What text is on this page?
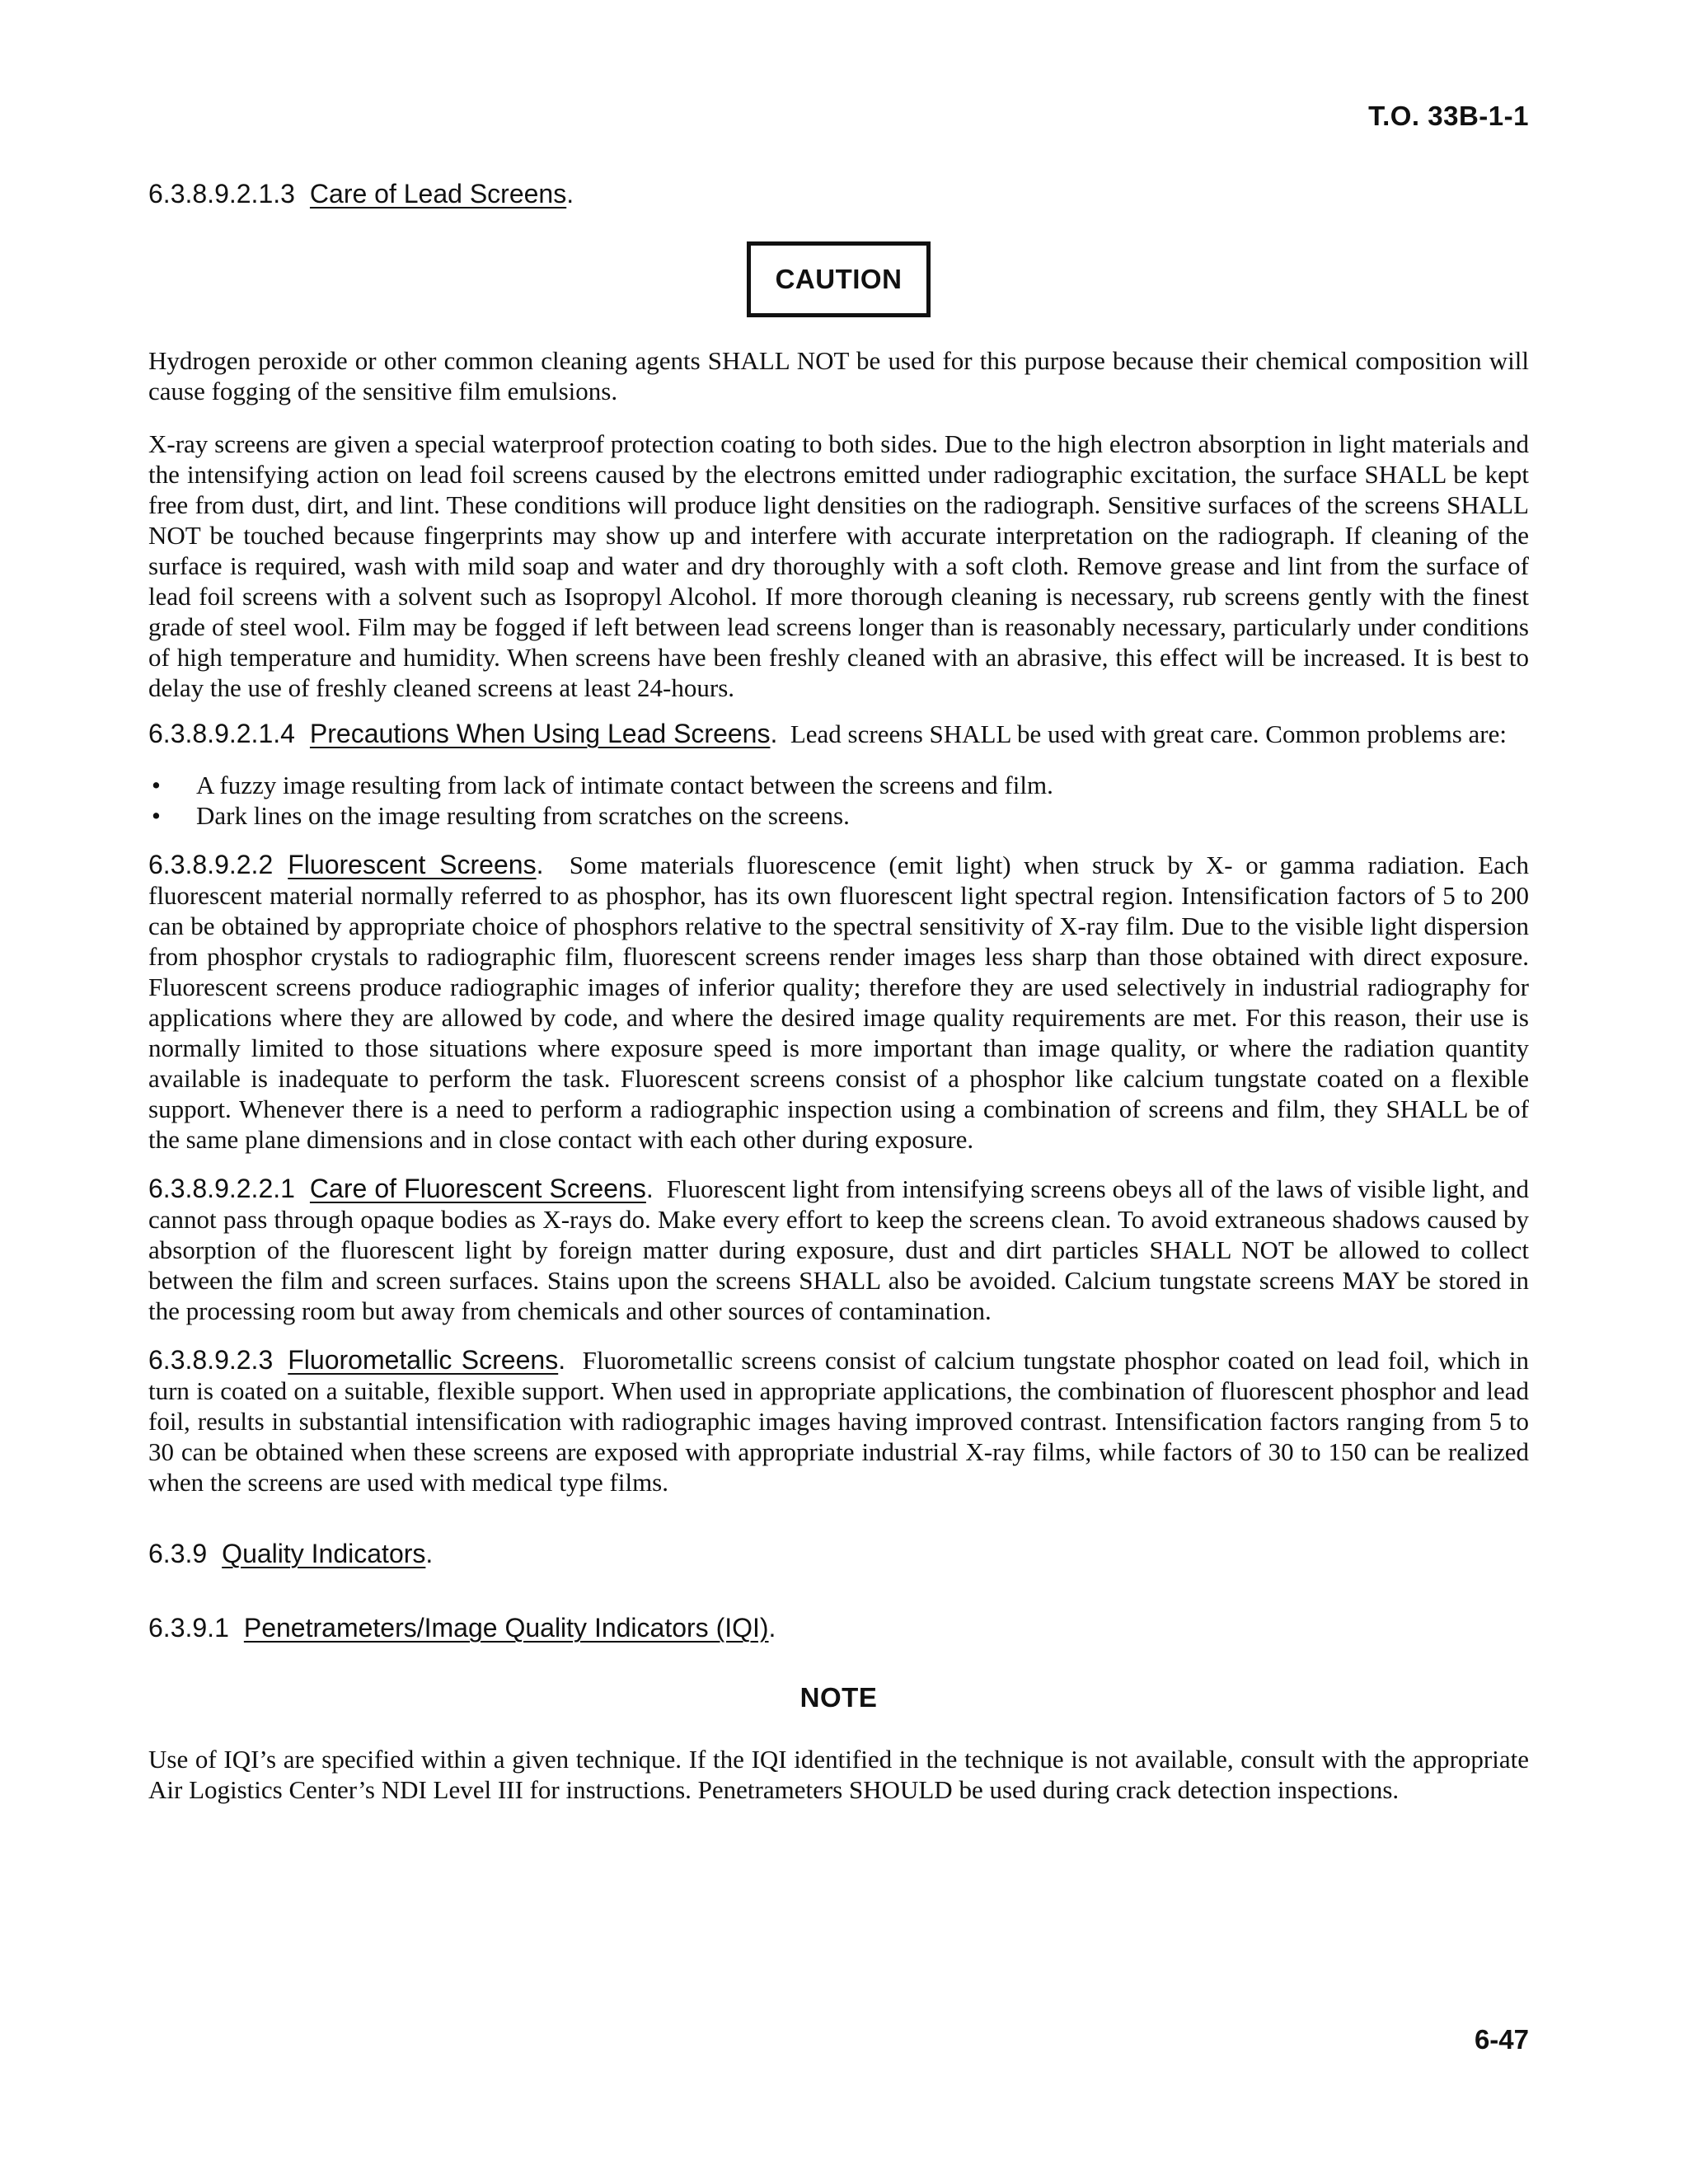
T.O. 33B-1-1

6.3.8.9.2.1.3 Care of Lead Screens.

CAUTION

Hydrogen peroxide or other common cleaning agents SHALL NOT be used for this purpose because their chemical composition will cause fogging of the sensitive film emulsions.

X-ray screens are given a special waterproof protection coating to both sides. Due to the high electron absorption in light materials and the intensifying action on lead foil screens caused by the electrons emitted under radiographic excitation, the surface SHALL be kept free from dust, dirt, and lint. These conditions will produce light densities on the radiograph. Sensitive surfaces of the screens SHALL NOT be touched because fingerprints may show up and interfere with accurate interpretation on the radiograph. If cleaning of the surface is required, wash with mild soap and water and dry thoroughly with a soft cloth. Remove grease and lint from the surface of lead foil screens with a solvent such as Isopropyl Alcohol. If more thorough cleaning is necessary, rub screens gently with the finest grade of steel wool. Film may be fogged if left between lead screens longer than is reasonably necessary, particularly under conditions of high temperature and humidity. When screens have been freshly cleaned with an abrasive, this effect will be increased. It is best to delay the use of freshly cleaned screens at least 24-hours.

6.3.8.9.2.1.4 Precautions When Using Lead Screens. Lead screens SHALL be used with great care. Common problems are:

• A fuzzy image resulting from lack of intimate contact between the screens and film.
• Dark lines on the image resulting from scratches on the screens.

6.3.8.9.2.2 Fluorescent Screens. Some materials fluorescence (emit light) when struck by X- or gamma radiation. Each fluorescent material normally referred to as phosphor, has its own fluorescent light spectral region. Intensification factors of 5 to 200 can be obtained by appropriate choice of phosphors relative to the spectral sensitivity of X-ray film. Due to the visible light dispersion from phosphor crystals to radiographic film, fluorescent screens render images less sharp than those obtained with direct exposure. Fluorescent screens produce radiographic images of inferior quality; therefore they are used selectively in industrial radiography for applications where they are allowed by code, and where the desired image quality requirements are met. For this reason, their use is normally limited to those situations where exposure speed is more important than image quality, or where the radiation quantity available is inadequate to perform the task. Fluorescent screens consist of a phosphor like calcium tungstate coated on a flexible support. Whenever there is a need to perform a radiographic inspection using a combination of screens and film, they SHALL be of the same plane dimensions and in close contact with each other during exposure.

6.3.8.9.2.2.1 Care of Fluorescent Screens. Fluorescent light from intensifying screens obeys all of the laws of visible light, and cannot pass through opaque bodies as X-rays do. Make every effort to keep the screens clean. To avoid extraneous shadows caused by absorption of the fluorescent light by foreign matter during exposure, dust and dirt particles SHALL NOT be allowed to collect between the film and screen surfaces. Stains upon the screens SHALL also be avoided. Calcium tungstate screens MAY be stored in the processing room but away from chemicals and other sources of contamination.

6.3.8.9.2.3 Fluorometallic Screens. Fluorometallic screens consist of calcium tungstate phosphor coated on lead foil, which in turn is coated on a suitable, flexible support. When used in appropriate applications, the combination of fluorescent phosphor and lead foil, results in substantial intensification with radiographic images having improved contrast. Intensification factors ranging from 5 to 30 can be obtained when these screens are exposed with appropriate industrial X-ray films, while factors of 30 to 150 can be realized when the screens are used with medical type films.

6.3.9 Quality Indicators.

6.3.9.1 Penetrameters/Image Quality Indicators (IQI).

NOTE

Use of IQI’s are specified within a given technique. If the IQI identified in the technique is not available, consult with the appropriate Air Logistics Center’s NDI Level III for instructions. Penetrameters SHOULD be used during crack detection inspections.

6-47
